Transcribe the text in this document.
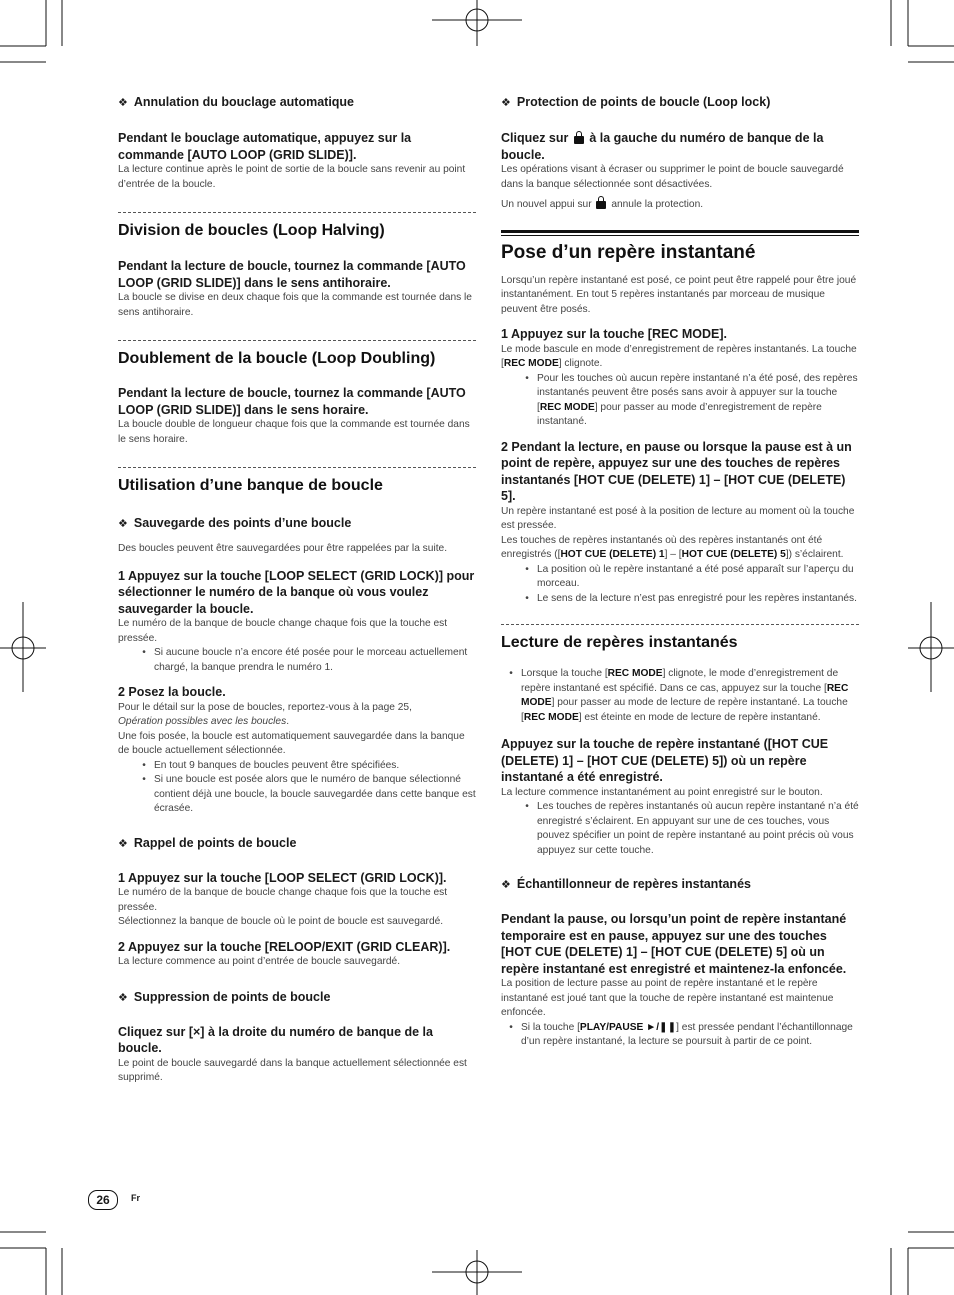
❖ Annulation du bouclage automatique

Pendant le bouclage automatique, appuyez sur la commande [AUTO LOOP (GRID SLIDE)].

La lecture continue après le point de sortie de la boucle sans revenir au point d’entrée de la boucle.

Division de boucles (Loop Halving)

Pendant la lecture de boucle, tournez la commande [AUTO LOOP (GRID SLIDE)] dans le sens antihoraire.

La boucle se divise en deux chaque fois que la commande est tournée dans le sens antihoraire.

Doublement de la boucle (Loop Doubling)

Pendant la lecture de boucle, tournez la commande [AUTO LOOP (GRID SLIDE)] dans le sens horaire.

La boucle double de longueur chaque fois que la commande est tournée dans le sens horaire.

Utilisation d’une banque de boucle

❖ Sauvegarde des points d’une boucle

Des boucles peuvent être sauvegardées pour être rappelées par la suite.

1 Appuyez sur la touche [LOOP SELECT (GRID LOCK)] pour sélectionner le numéro de la banque où vous voulez sauvegarder la boucle.

Le numéro de la banque de boucle change chaque fois que la touche est pressée.

• Si aucune boucle n’a encore été posée pour le morceau actuellement chargé, la banque prendra le numéro 1.

2 Posez la boucle.

Pour le détail sur la pose de boucles, reportez-vous à la page 25,
Opération possibles avec les boucles.

Une fois posée, la boucle est automatiquement sauvegardée dans la banque de boucle actuellement sélectionnée.

• En tout 9 banques de boucles peuvent être spécifiées.
• Si une boucle est posée alors que le numéro de banque sélectionné contient déjà une boucle, la boucle sauvegardée dans cette banque est écrasée.

❖ Rappel de points de boucle

1 Appuyez sur la touche [LOOP SELECT (GRID LOCK)].

Le numéro de la banque de boucle change chaque fois que la touche est pressée.

Sélectionnez la banque de boucle où le point de boucle est sauvegardé.

2 Appuyez sur la touche [RELOOP/EXIT (GRID CLEAR)].

La lecture commence au point d’entrée de boucle sauvegardé.

❖ Suppression de points de boucle

Cliquez sur [×] à la droite du numéro de banque de la boucle.

Le point de boucle sauvegardé dans la banque actuellement sélectionnée est supprimé.

❖ Protection de points de boucle (Loop lock)

Cliquez sur à la gauche du numéro de banque de la boucle.

Les opérations visant à écraser ou supprimer le point de boucle sauvegardé dans la banque sélectionnée sont désactivées.

Un nouvel appui sur annule la protection.

Pose d’un repère instantané

Lorsqu’un repère instantané est posé, ce point peut être rappelé pour être joué instantanément. En tout 5 repères instantanés par morceau de musique peuvent être posés.

1 Appuyez sur la touche [REC MODE].

Le mode bascule en mode d’enregistrement de repères instantanés. La touche [REC MODE] clignote.

• Pour les touches où aucun repère instantané n’a été posé, des repères instantanés peuvent être posés sans avoir à appuyer sur la touche [REC MODE] pour passer au mode d’enregistrement de repère instantané.

2 Pendant la lecture, en pause ou lorsque la pause est à un point de repère, appuyez sur une des touches de repères instantanés [HOT CUE (DELETE) 1] – [HOT CUE (DELETE) 5].

Un repère instantané est posé à la position de lecture au moment où la touche est pressée.

Les touches de repères instantanés où des repères instantanés ont été enregistrés ([HOT CUE (DELETE) 1] – [HOT CUE (DELETE) 5]) s’éclairent.

• La position où le repère instantané a été posé apparaît sur l’aperçu du morceau.
• Le sens de la lecture n’est pas enregistré pour les repères instantanés.

Lecture de repères instantanés

• Lorsque la touche [REC MODE] clignote, le mode d’enregistrement de repère instantané est spécifié. Dans ce cas, appuyez sur la touche [REC MODE] pour passer au mode de lecture de repère instantané. La touche [REC MODE] est éteinte en mode de lecture de repère instantané.

Appuyez sur la touche de repère instantané ([HOT CUE (DELETE) 1] – [HOT CUE (DELETE) 5]) où un repère instantané a été enregistré.

La lecture commence instantanément au point enregistré sur le bouton.

• Les touches de repères instantanés où aucun repère instantané n’a été enregistré s’éclairent. En appuyant sur une de ces touches, vous pouvez spécifier un point de repère instantané au point précis où vous appuyez sur cette touche.

❖ Échantillonneur de repères instantanés

Pendant la pause, ou lorsqu’un point de repère instantané temporaire est en pause, appuyez sur une des touches [HOT CUE (DELETE) 1] – [HOT CUE (DELETE) 5] où un repère instantané est enregistré et maintenez-la enfoncée.

La position de lecture passe au point de repère instantané et le repère instantané est joué tant que la touche de repère instantané est maintenue enfoncée.

• Si la touche [PLAY/PAUSE ►/❚❚] est pressée pendant l’échantillonnage d’un repère instantané, la lecture se poursuit à partir de ce point.
26	Fr
